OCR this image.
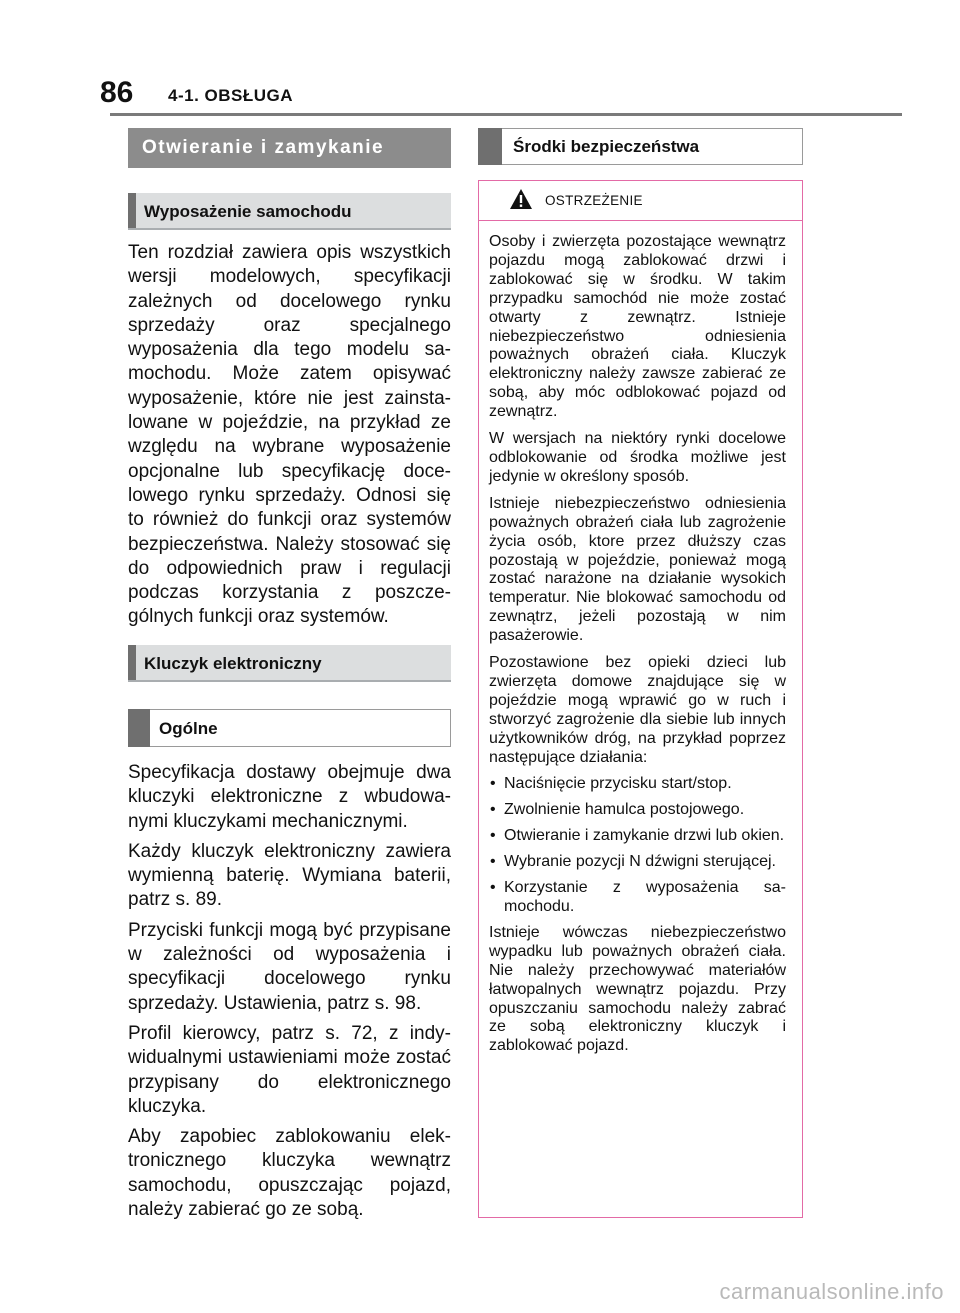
86 4-1. OBSŁUGA
Otwieranie i zamykanie
Wyposażenie samochodu
Ten rozdział zawiera opis wszystkich wersji modelowych, specyfikacji zależnych od docelowego rynku sprzedaży oraz specjalnego wyposażenia dla tego modelu samochodu. Może zatem opisywać wyposażenie, które nie jest zainstalowane w pojeździe, na przykład ze względu na wybrane wyposażenie opcjonalne lub specyfikację docelowego rynku sprzedaży. Odnosi się to również do funkcji oraz systemów bezpieczeństwa. Należy stosować się do odpowiednich praw i regulacji podczas korzystania z poszczególnych funkcji oraz systemów.
Kluczyk elektroniczny
Ogólne

Specyfikacja dostawy obejmuje dwa kluczyki elektroniczne z wbudowanymi kluczykami mechanicznymi.

Każdy kluczyk elektroniczny zawiera wymienną baterię. Wymiana baterii, patrz s. 89.

Przyciski funkcji mogą być przypisane w zależności od wyposażenia i specyfikacji docelowego rynku sprzedaży. Ustawienia, patrz s. 98.

Profil kierowcy, patrz s. 72, z indywidualnymi ustawieniami może zostać przypisany do elektronicznego kluczyka.

Aby zapobiec zablokowaniu elektronicznego kluczyka wewnątrz samochodu, opuszczając pojazd, należy zabierać go ze sobą.

Środki bezpieczeństwa
OSTRZEŻENIE

Osoby i zwierzęta pozostające wewnątrz pojazdu mogą zablokować drzwi i zablokować się w środku. W takim przypadku samochód nie może zostać otwarty z zewnątrz. Istnieje niebezpieczeństwo odniesienia poważnych obrażeń ciała. Kluczyk elektroniczny należy zawsze zabierać ze sobą, aby móc odblokować pojazd od zewnątrz.

W wersjach na niektóry rynki docelowe odblokowanie od środka możliwe jest jedynie w określony sposób.

Istnieje niebezpieczeństwo odniesienia poważnych obrażeń ciała lub zagrożenie życia osób, ktore przez dłuższy czas pozostają w pojeździe, ponieważ mogą zostać narażone na działanie wysokich temperatur. Nie blokować samochodu od zewnątrz, jeżeli pozostają w nim pasażerowie.

Pozostawione bez opieki dzieci lub zwierzęta domowe znajdujące się w pojeździe mogą wprawić go w ruch i stworzyć zagrożenie dla siebie lub innych użytkowników dróg, na przykład poprzez następujące działania:

• Naciśnięcie przycisku start/stop.
• Zwolnienie hamulca postojowego.
• Otwieranie i zamykanie drzwi lub okien.
• Wybranie pozycji N dźwigni sterującej.
• Korzystanie z wyposażenia samochodu.

Istnieje wówczas niebezpieczeństwo wypadku lub poważnych obrażeń ciała. Nie należy przechowywać materiałów łatwopalnych wewnątrz pojazdu. Przy opuszczaniu samochodu należy zabrać ze sobą elektroniczny kluczyk i zablokować pojazd.

carmanualsonline.info
